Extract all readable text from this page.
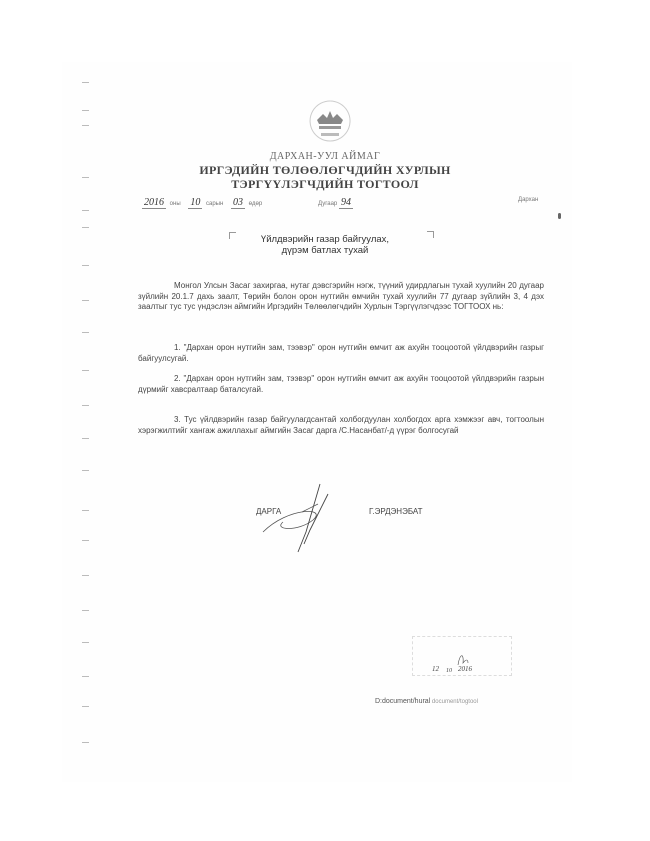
ДАРХАН-УУЛ АЙМАГ
ИРГЭДИЙН ТӨЛӨӨЛӨГЧДИЙН ХУРЛЫН
ТЭРГҮҮЛЭГЧДИЙН ТОГТООЛ
2016 оны 10 сарын 03 өдөр	Дугаар 94	Дархан
Үйлдвэрийн газар байгуулах,
дүрэм батлах тухай
Монгол Улсын Засаг захиргаа, нутаг дэвсгэрийн нэгж, түүний удирдлагын тухай хуулийн 20 дугаар зүйлийн 20.1.7 дахь заалт, Төрийн болон орон нутгийн өмчийн тухай хуулийн 77 дугаар зүйлийн 3, 4 дэх заалтыг тус тус үндэслэн аймгийн Иргэдийн Төлөөлөгчдийн Хурлын Тэргүүлэгчдээс ТОГТООХ нь:
1. "Дархан орон нутгийн зам, тээвэр" орон нутгийн өмчит аж ахуйн тооцоотой үйлдвэрийн газрыг байгуулсугай.
2. "Дархан орон нутгийн зам, тээвэр" орон нутгийн өмчит аж ахуйн тооцоотой үйлдвэрийн газрын дүрмийг хавсралтаар баталсугай.
3. Тус үйлдвэрийн газар байгуулагдсантай холбогдуулан холбогдох арга хэмжээг авч, тогтоолын хэрэгжилтийг хангаж ажиллахыг аймгийн Засаг дарга /С.Насанбат/-д үүрэг болгосугай
ДАРГА	Г.ЭРДЭНЭБАТ
12 10 2016
D:document/hural document/togtool
